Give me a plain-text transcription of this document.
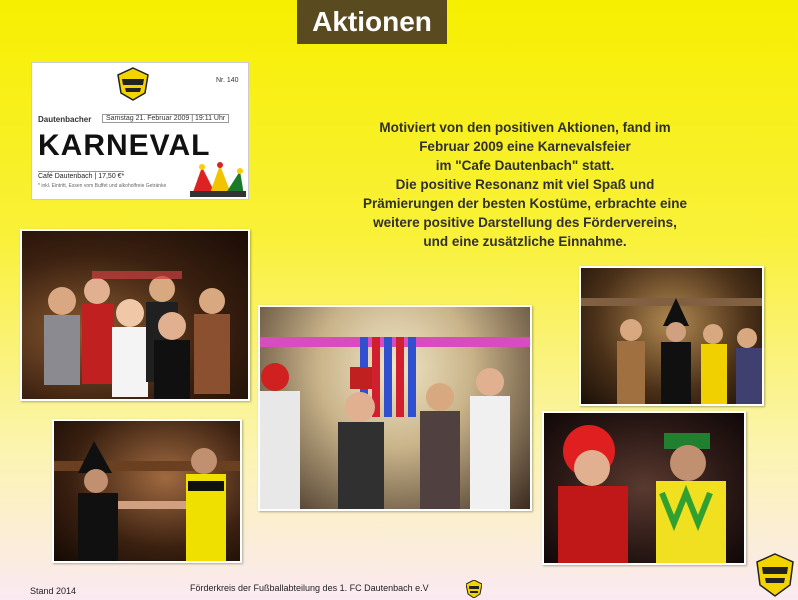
Aktionen
Nr. 140
Dautenbacher	Samstag 21. Februar 2009 | 19:11 Uhr
KARNEVAL
Café Dautenbach | 17,50 €*
* inkl. Eintritt, Essen vom Buffet und alkoholfreie Getränke
Motiviert von den positiven Aktionen, fand im
Februar 2009 eine Karnevalsfeier
im "Cafe Dautenbach" statt.
Die positive Resonanz mit viel Spaß und
Prämierungen der besten Kostüme, erbrachte eine
weitere positive Darstellung des Fördervereins,
und eine zusätzliche Einnahme.
Stand 2014	Förderkreis der Fußballabteilung des 1. FC Dautenbach e.V
